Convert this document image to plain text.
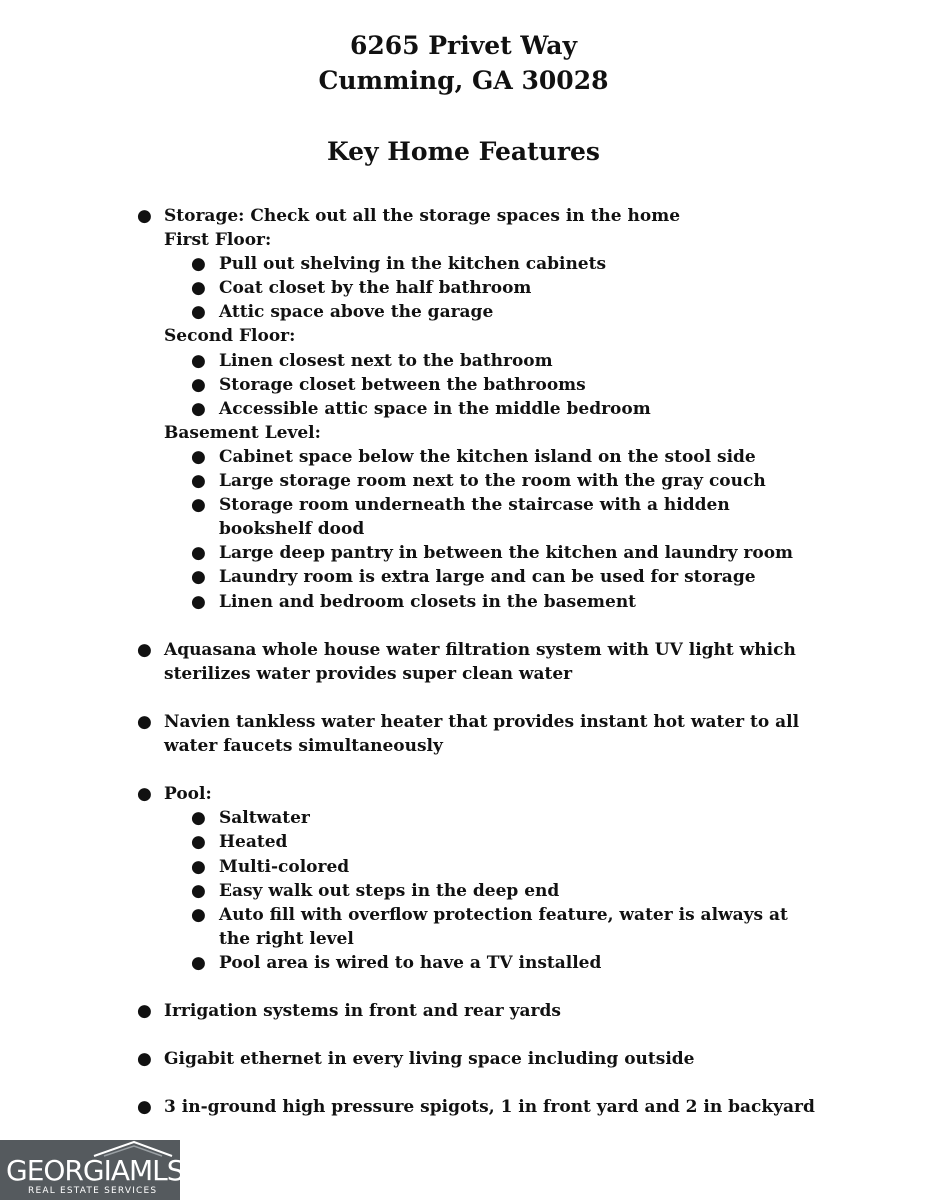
6265 Privet Way
Cumming, GA 30028
Key Home Features
● Storage: Check out all the storage spaces in the home
First Floor:
● Pull out shelving in the kitchen cabinets
● Coat closet by the half bathroom
● Attic space above the garage
Second Floor:
● Linen closest next to the bathroom
● Storage closet between the bathrooms
● Accessible attic space in the middle bedroom
Basement Level:
● Cabinet space below the kitchen island on the stool side
● Large storage room next to the room with the gray couch
● Storage room underneath the staircase with a hidden bookshelf dood
● Large deep pantry in between the kitchen and laundry room
● Laundry room is extra large and can be used for storage
● Linen and bedroom closets in the basement
● Aquasana whole house water filtration system with UV light which sterilizes water provides super clean water
● Navien tankless water heater that provides instant hot water to all water faucets simultaneously
● Pool:
● Saltwater
● Heated
● Multi-colored
● Easy walk out steps in the deep end
● Auto fill with overflow protection feature, water is always at the right level
● Pool area is wired to have a TV installed
● Irrigation systems in front and rear yards
● Gigabit ethernet in every living space including outside
● 3 in-ground high pressure spigots, 1 in front yard and 2 in backyard
GEORGIAMLS
REAL ESTATE SERVICES
